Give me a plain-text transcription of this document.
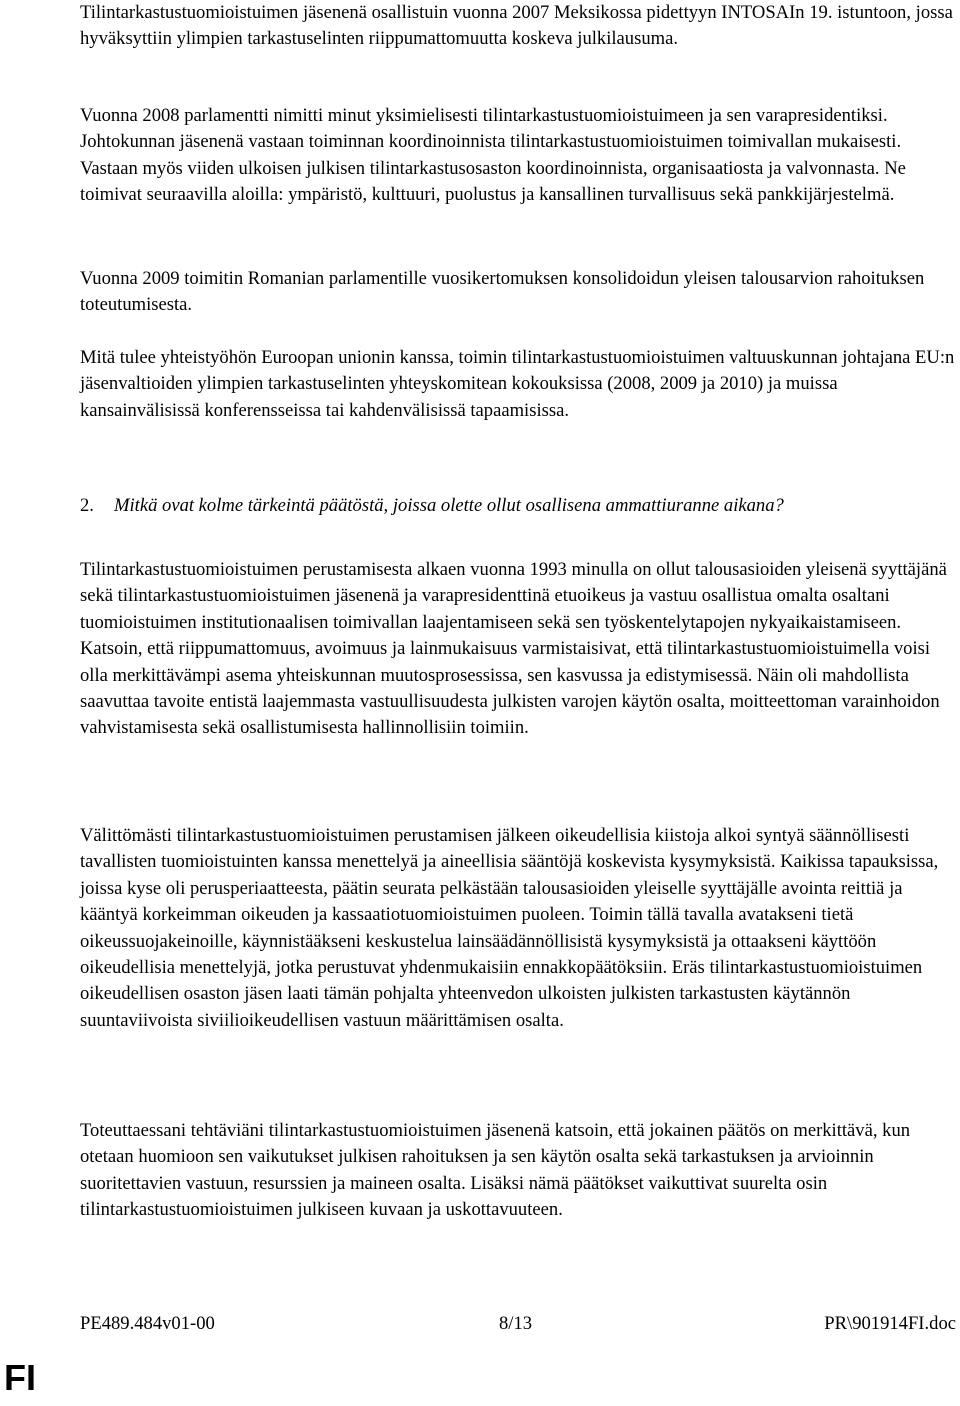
Tilintarkastustuomioistuimen jäsenenä osallistuin vuonna 2007 Meksikossa pidettyyn INTOSAIn 19. istuntoon, jossa hyväksyttiin ylimpien tarkastuselinten riippumattomuutta koskeva julkilausuma.

Vuonna 2008 parlamentti nimitti minut yksimielisesti tilintarkastustuomioistuimeen ja sen varapresidentiksi. Johtokunnan jäsenenä vastaan toiminnan koordinoinnista tilintarkastustuomioistuimen toimivallan mukaisesti. Vastaan myös viiden ulkoisen julkisen tilintarkastusosaston koordinoinnista, organisaatiosta ja valvonnasta. Ne toimivat seuraavilla aloilla: ympäristö, kulttuuri, puolustus ja kansallinen turvallisuus sekä pankkijärjestelmä.

Vuonna 2009 toimitin Romanian parlamentille vuosikertomuksen konsolidoidun yleisen talousarvion rahoituksen toteutumisesta.

Mitä tulee yhteistyöhön Euroopan unionin kanssa, toimin tilintarkastustuomioistuimen valtuuskunnan johtajana EU:n jäsenvaltioiden ylimpien tarkastuselinten yhteyskomitean kokouksissa (2008, 2009 ja 2010) ja muissa kansainvälisissä konferensseissa tai kahdenvälisissä tapaamisissa.

2. Mitkä ovat kolme tärkeintä päätöstä, joissa olette ollut osallisena ammattiuranne aikana?

Tilintarkastustuomioistuimen perustamisesta alkaen vuonna 1993 minulla on ollut talousasioiden yleisenä syyttäjänä sekä tilintarkastustuomioistuimen jäsenenä ja varapresidenttinä etuoikeus ja vastuu osallistua omalta osaltani tuomioistuimen institutionaalisen toimivallan laajentamiseen sekä sen työskentelytapojen nykyaikaistamiseen. Katsoin, että riippumattomuus, avoimuus ja lainmukaisuus varmistaisivat, että tilintarkastustuomioistuimella voisi olla merkittävämpi asema yhteiskunnan muutosprosessissa, sen kasvussa ja edistymisessä. Näin oli mahdollista saavuttaa tavoite entistä laajemmasta vastuullisuudesta julkisten varojen käytön osalta, moitteettoman varainhoidon vahvistamisesta sekä osallistumisesta hallinnollisiin toimiin.

Välittömästi tilintarkastustuomioistuimen perustamisen jälkeen oikeudellisia kiistoja alkoi syntyä säännöllisesti tavallisten tuomioistuinten kanssa menettelyä ja aineellisia sääntöjä koskevista kysymyksistä. Kaikissa tapauksissa, joissa kyse oli perusperiaatteesta, päätin seurata pelkästään talousasioiden yleiselle syyttäjälle avointa reittiä ja kääntyä korkeimman oikeuden ja kassaatiotuomioistuimen puoleen. Toimin tällä tavalla avatakseni tietä oikeussuojakeinoille, käynnistääkseni keskustelua lainsäädännöllisistä kysymyksistä ja ottaakseni käyttöön oikeudellisia menettelyjä, jotka perustuvat yhdenmukaisiin ennakkopäätöksiin. Eräs tilintarkastustuomioistuimen oikeudellisen osaston jäsen laati tämän pohjalta yhteenvedon ulkoisten julkisten tarkastusten käytännön suuntaviivoista siviilioikeudellisen vastuun määrittämisen osalta.

Toteuttaessani tehtäviäni tilintarkastustuomioistuimen jäsenenä katsoin, että jokainen päätös on merkittävä, kun otetaan huomioon sen vaikutukset julkisen rahoituksen ja sen käytön osalta sekä tarkastuksen ja arvioinnin suoritettavien vastuun, resurssien ja maineen osalta. Lisäksi nämä päätökset vaikuttivat suurelta osin tilintarkastustuomioistuimen julkiseen kuvaan ja uskottavuuteen.

PE489.484v01-00	8/13	PR\901914FI.doc
FI
